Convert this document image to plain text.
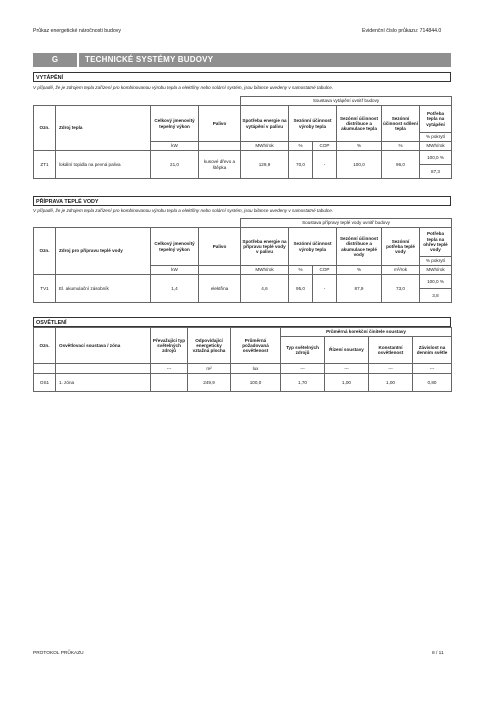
Průkaz energetické náročnosti budovy	Evidenční číslo průkazu: 714844.0
G	TECHNICKÉ SYSTÉMY BUDOVY
VYTÁPĚNÍ
V případě, že je zdrojem tepla zařízení pro kombinovanou výrobu tepla a elektřiny nebo solární systém, jsou bilance uvedeny v samostatné tabulce.
				Soustava vytápění uvnitř budovy					
Ozn.	Zdroj tepla	Celkový jmenovitý tepelný výkon	Palivo	Spotřeba energie na vytápění v palivu	Sezónní účinnost výroby tepla		Sezónní účinnost distribuce a akumulace tepla	Sezónní účinnost sdílení tepla	Potřeba tepla na vytápění
									% pokrytí
		kW		MWh/rok	%	COP	%	%	MWh/rok
ZT1	lokální topidla na pevná paliva	21,0	kusové dřevo a štěpka	129,9	70,0	-	100,0	96,0	100,0 %
									87,3
PŘÍPRAVA TEPLÉ VODY
V případě, že je zdrojem tepla zařízení pro kombinovanou výrobu tepla a elektřiny nebo solární systém, jsou bilance uvedeny v samostatné tabulce.
				Soustava přípravy teplé vody uvnitř budovy					
Ozn.	Zdroj pro přípravu teplé vody	Celkový jmenovitý tepelný výkon	Palivo	Spotřeba energie na přípravu teplé vody v palivu	Sezónní účinnost výroby tepla		Sezónní účinnost distribuce a akumulace teplé vody	Sezónní potřeba teplé vody	Potřeba tepla na ohřev teplé vody
									% pokrytí
		kW		MWh/rok	%	COP	%	m³/rok	MWh/rok
TV1	El. akumulační zásobník	1,4	elektřina	4,6	95,0	-	87,9	73,0	100,0 %
									3,8
OSVĚTLENÍ
Ozn.	Osvětlovací soustava / zóna	Převažující typ světelných zdrojů	Odpovídající energeticky vztažná plocha	Průměrná požadovaná osvětlenost	Průměrná korekční činitele soustavy			
					Typ světelných zdrojů	Řízení soustavy	Konstantní osvětlenost	Závislost na denním světle
		---	m²	lux	---	---	---	---
OS1	1. zóna		249,9	100,0	1,70	1,00	1,00	0,80
PROTOKOL PRŮKAZU	8 / 11
